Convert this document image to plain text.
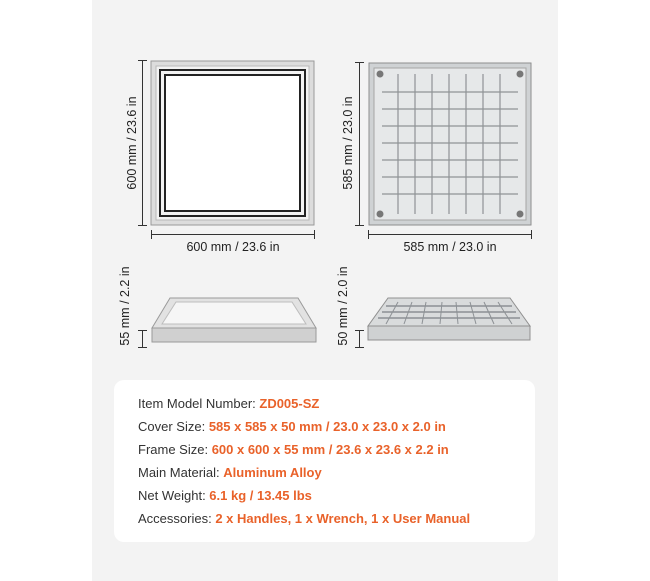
600 mm / 23.6 in
600 mm / 23.6 in
585 mm / 23.0 in
585 mm / 23.0 in
55 mm / 2.2 in	50 mm / 2.0 in
Item Model Number: ZD005-SZ
Cover Size: 585 x 585 x 50 mm / 23.0 x 23.0 x 2.0 in
Frame Size: 600 x 600 x 55 mm / 23.6 x 23.6 x 2.2 in
Main Material: Aluminum Alloy
Net Weight: 6.1 kg / 13.45 lbs
Accessories: 2 x Handles, 1 x Wrench, 1 x User Manual
